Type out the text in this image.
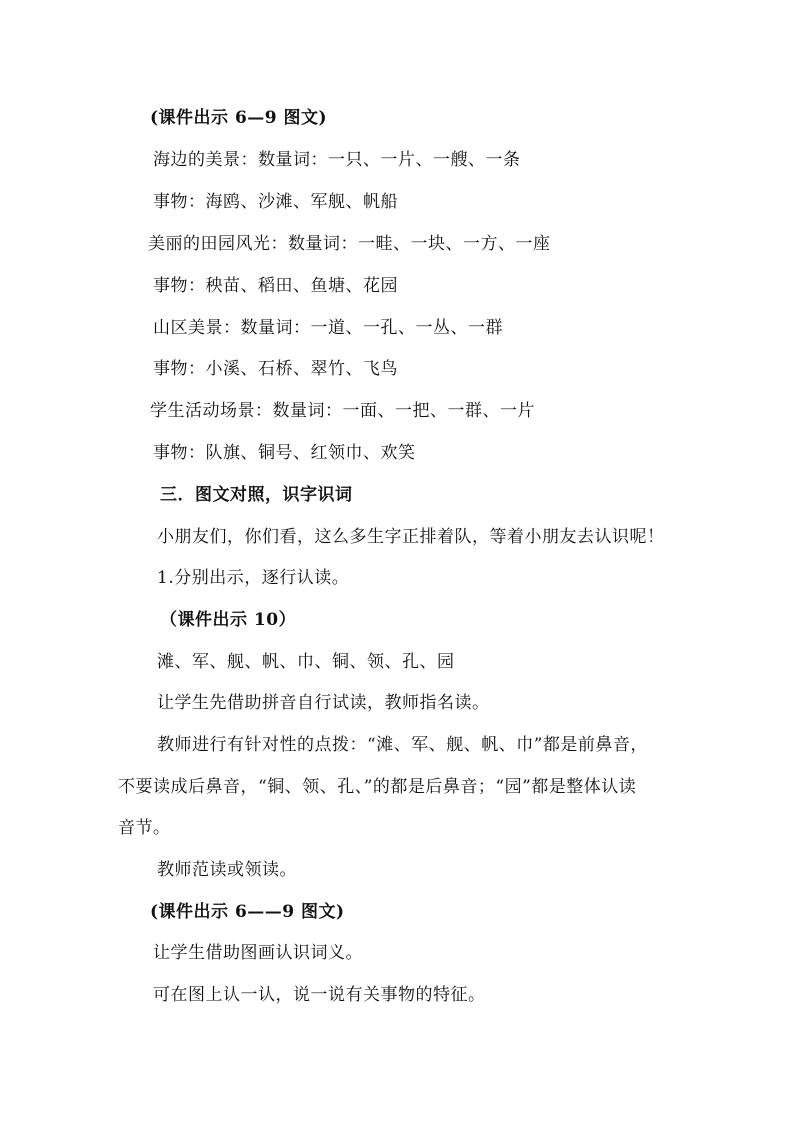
(课件出示 6—9 图文)
海边的美景：数量词：一只、一片、一艘、一条
事物：海鸥、沙滩、军舰、帆船
美丽的田园风光：数量词：一畦、一块、一方、一座
事物：秧苗、稻田、鱼塘、花园
山区美景：数量词：一道、一孔、一丛、一群
事物：小溪、石桥、翠竹、飞鸟
学生活动场景：数量词：一面、一把、一群、一片
事物：队旗、铜号、红领巾、欢笑
三．图文对照，识字识词
小朋友们，你们看，这么多生字正排着队，等着小朋友去认识呢！
1.分别出示，逐行认读。
（课件出示 10）
滩、军、舰、帆、巾、铜、领、孔、园
让学生先借助拼音自行试读，教师指名读。
教师进行有针对性的点拨：“滩、军、舰、帆、巾”都是前鼻音，
不要读成后鼻音，“铜、领、孔、”的都是后鼻音；“园”都是整体认读
音节。
教师范读或领读。
(课件出示 6——9 图文)
让学生借助图画认识词义。
可在图上认一认，说一说有关事物的特征。
